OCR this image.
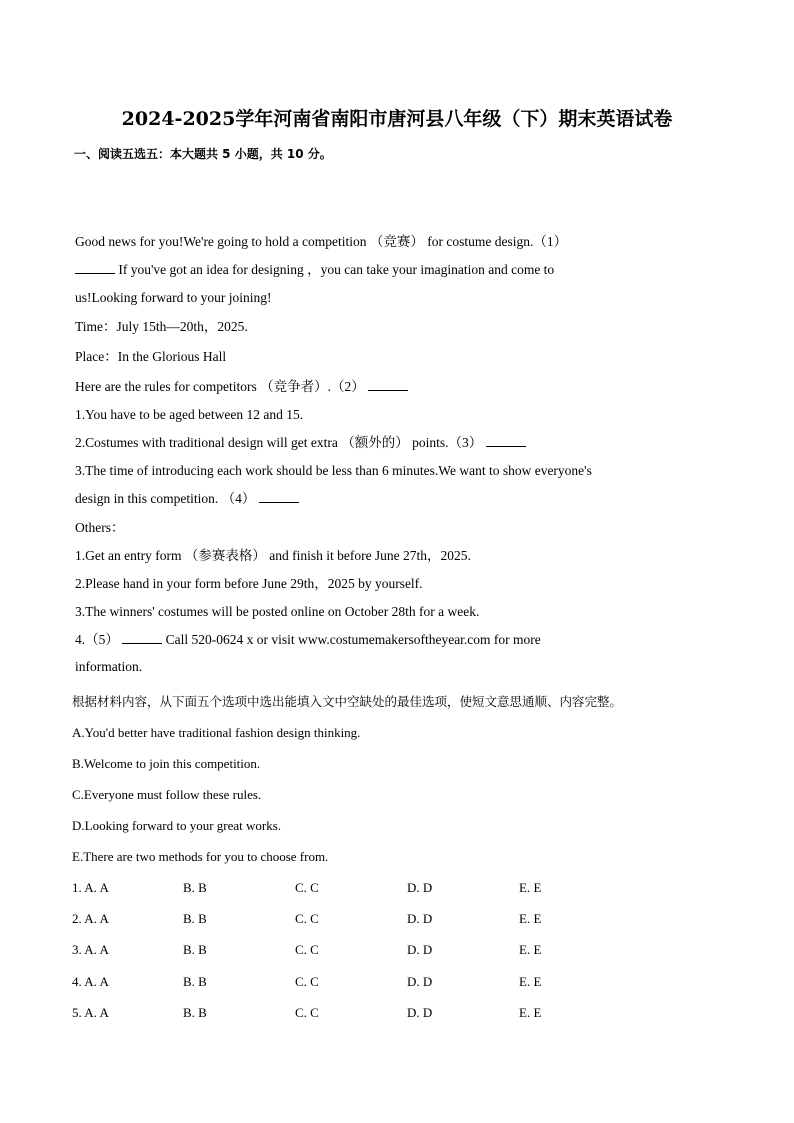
2024-2025学年河南省南阳市唐河县八年级（下）期末英语试卷
一、阅读五选五：本大题共 5 小题，共 10 分。
Good news for you!We're going to hold a competition （竞赛） for costume design.（1）
If you've got an idea for designing ，you can take your imagination and come to
us!Looking forward to your joining!
Time：July 15th—20th，2025.
Place：In the Glorious Hall
Here are the rules for competitors （竞争者）.（2）
1.You have to be aged between 12 and 15.
2.Costumes with traditional design will get extra （额外的） points.（3）
3.The time of introducing each work should be less than 6 minutes.We want to show everyone's
design in this competition. （4）
Others：
1.Get an entry form （参赛表格） and finish it before June 27th，2025.
2.Please hand in your form before June 29th，2025 by yourself.
3.The winners' costumes will be posted online on October 28th for a week.
4.（5）	Call 520-0624 x or visit www.costumemakersoftheyear.com for more
information.
根据材料内容，从下面五个选项中选出能填入文中空缺处的最佳选项，使短文意思通顺、内容完整。
A.You'd better have traditional fashion design thinking.
B.Welcome to join this competition.
C.Everyone must follow these rules.
D.Looking forward to your great works.
E.There are two methods for you to choose from.
1. A. A	B. B	C. C	D. D	E. E
2. A. A	B. B	C. C	D. D	E. E
3. A. A	B. B	C. C	D. D	E. E
4. A. A	B. B	C. C	D. D	E. E
5. A. A	B. B	C. C	D. D	E. E
